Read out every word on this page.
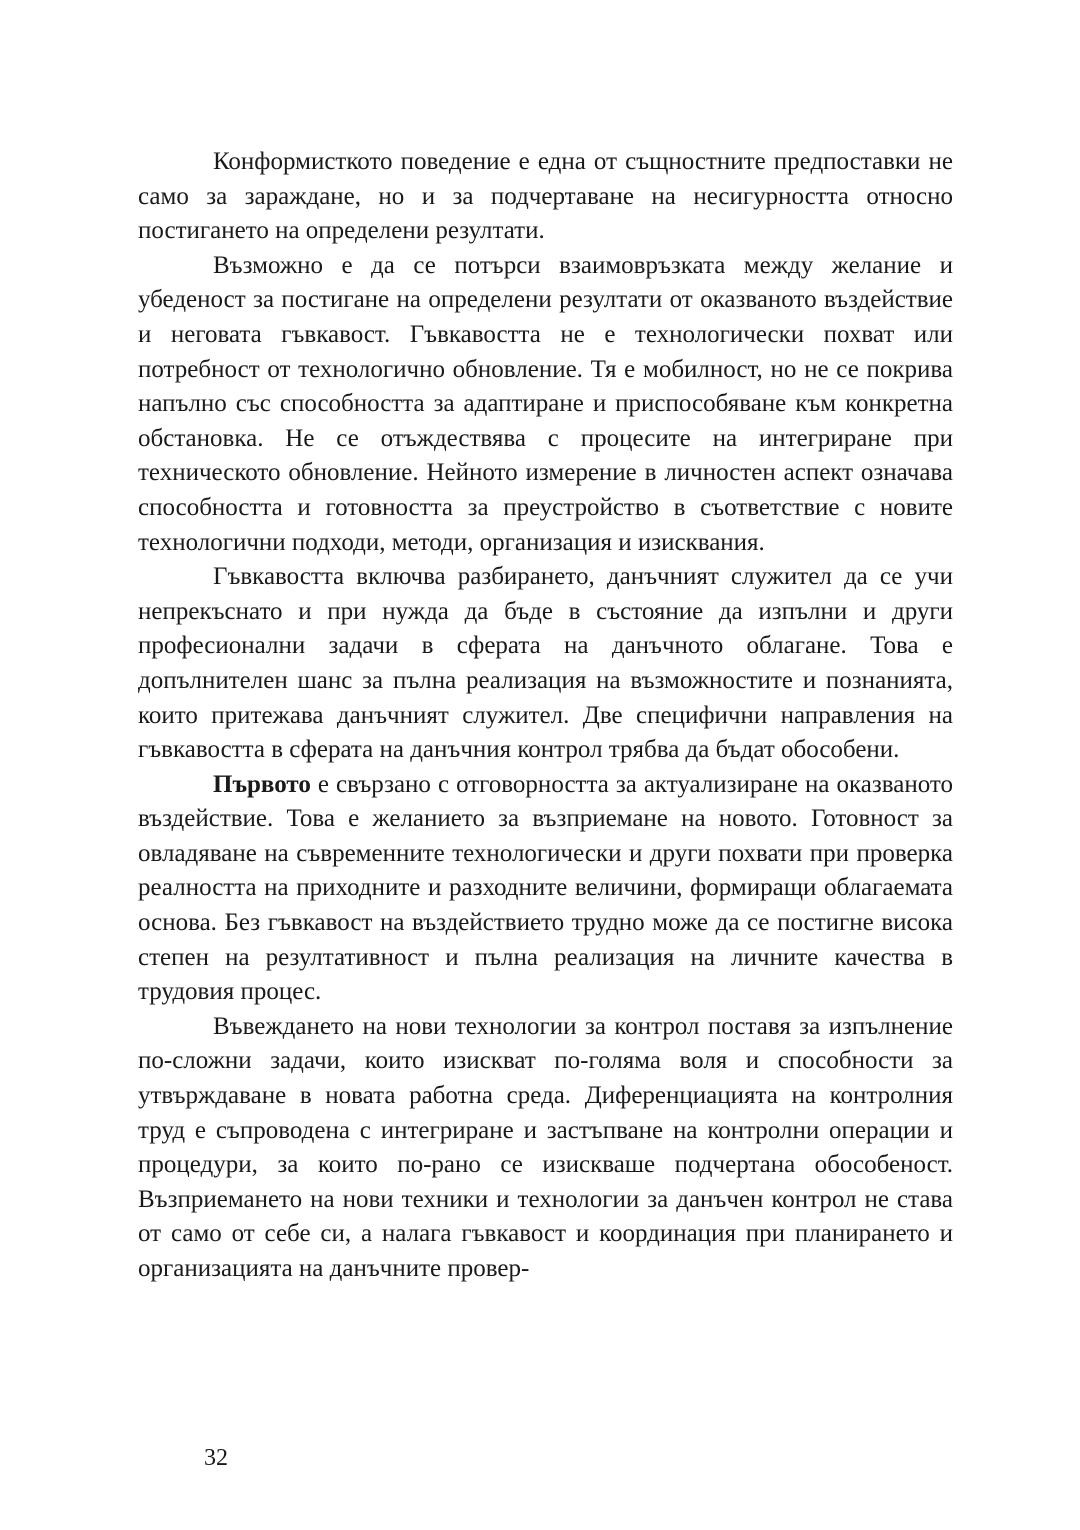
Конформисткото поведение е една от същностните предпоставки не само за зараждане, но и за подчертаване на несигурността относно постигането на определени резултати.

Възможно е да се потърси взаимовръзката между желание и убеденост за постигане на определени резултати от оказваното въздействие и неговата гъвкавост. Гъвкавостта не е технологически похват или потребност от технологично обновление. Тя е мобилност, но не се покрива напълно със способността за адаптиране и приспособяване към конкретна обстановка. Не се отъждествява с процесите на интегриране при техническото обновление. Нейното измерение в личностен аспект означава способността и готовността за преустройство в съответствие с новите технологични подходи, методи, организация и изисквания.

Гъвкавостта включва разбирането, данъчният служител да се учи непрекъснато и при нужда да бъде в състояние да изпълни и други професионални задачи в сферата на данъчното облагане. Това е допълнителен шанс за пълна реализация на възможностите и познанията, които притежава данъчният служител. Две специфични направления на гъвкавостта в сферата на данъчния контрол трябва да бъдат обособени.

Първото е свързано с отговорността за актуализиране на оказваното въздействие. Това е желанието за възприемане на новото. Готовност за овладяване на съвременните технологически и други похвати при проверка реалността на приходните и разходните величини, формиращи облагаемата основа. Без гъвкавост на въздействието трудно може да се постигне висока степен на резултативност и пълна реализация на личните качества в трудовия процес.

Въвеждането на нови технологии за контрол поставя за изпълнение по-сложни задачи, които изискват по-голяма воля и способности за утвърждаване в новата работна среда. Диференциацията на контролния труд е съпроводена с интегриране и застъпване на контролни операции и процедури, за които по-рано се изискваше подчертана обособеност. Възприемането на нови техники и технологии за данъчен контрол не става от само от себе си, а налага гъвкавост и координация при планирането и организацията на данъчните провер-

32
